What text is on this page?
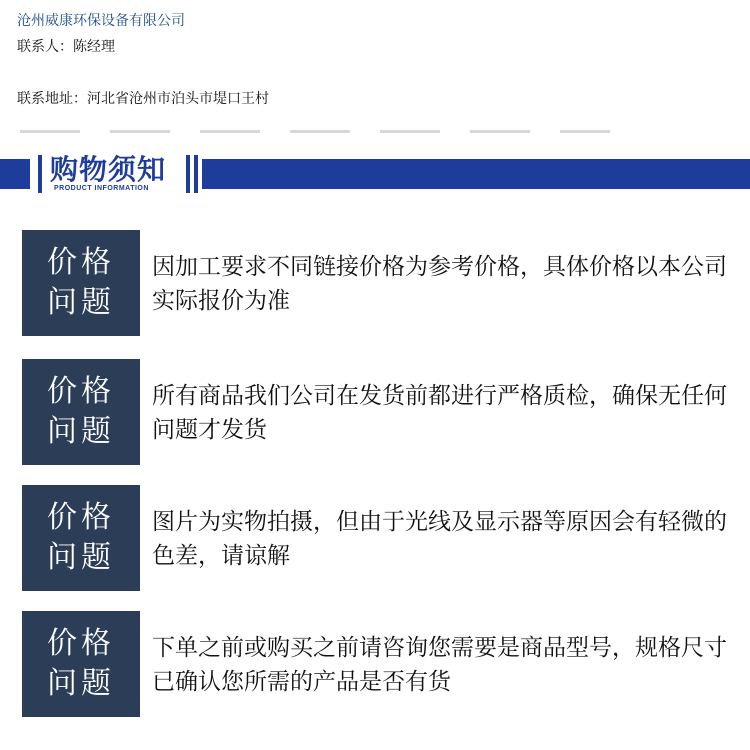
沧州威康环保设备有限公司
联系人：陈经理
联系地址：河北省沧州市泊头市堤口王村
购物须知
PRODUCT INFORMATION
价格
问题
因加工要求不同链接价格为参考价格，具体价格以本公司实际报价为准
价格
问题
所有商品我们公司在发货前都进行严格质检，确保无任何问题才发货
价格
问题
图片为实物拍摄，但由于光线及显示器等原因会有轻微的色差，请谅解
价格
问题
下单之前或购买之前请咨询您需要是商品型号，规格尺寸已确认您所需的产品是否有货
